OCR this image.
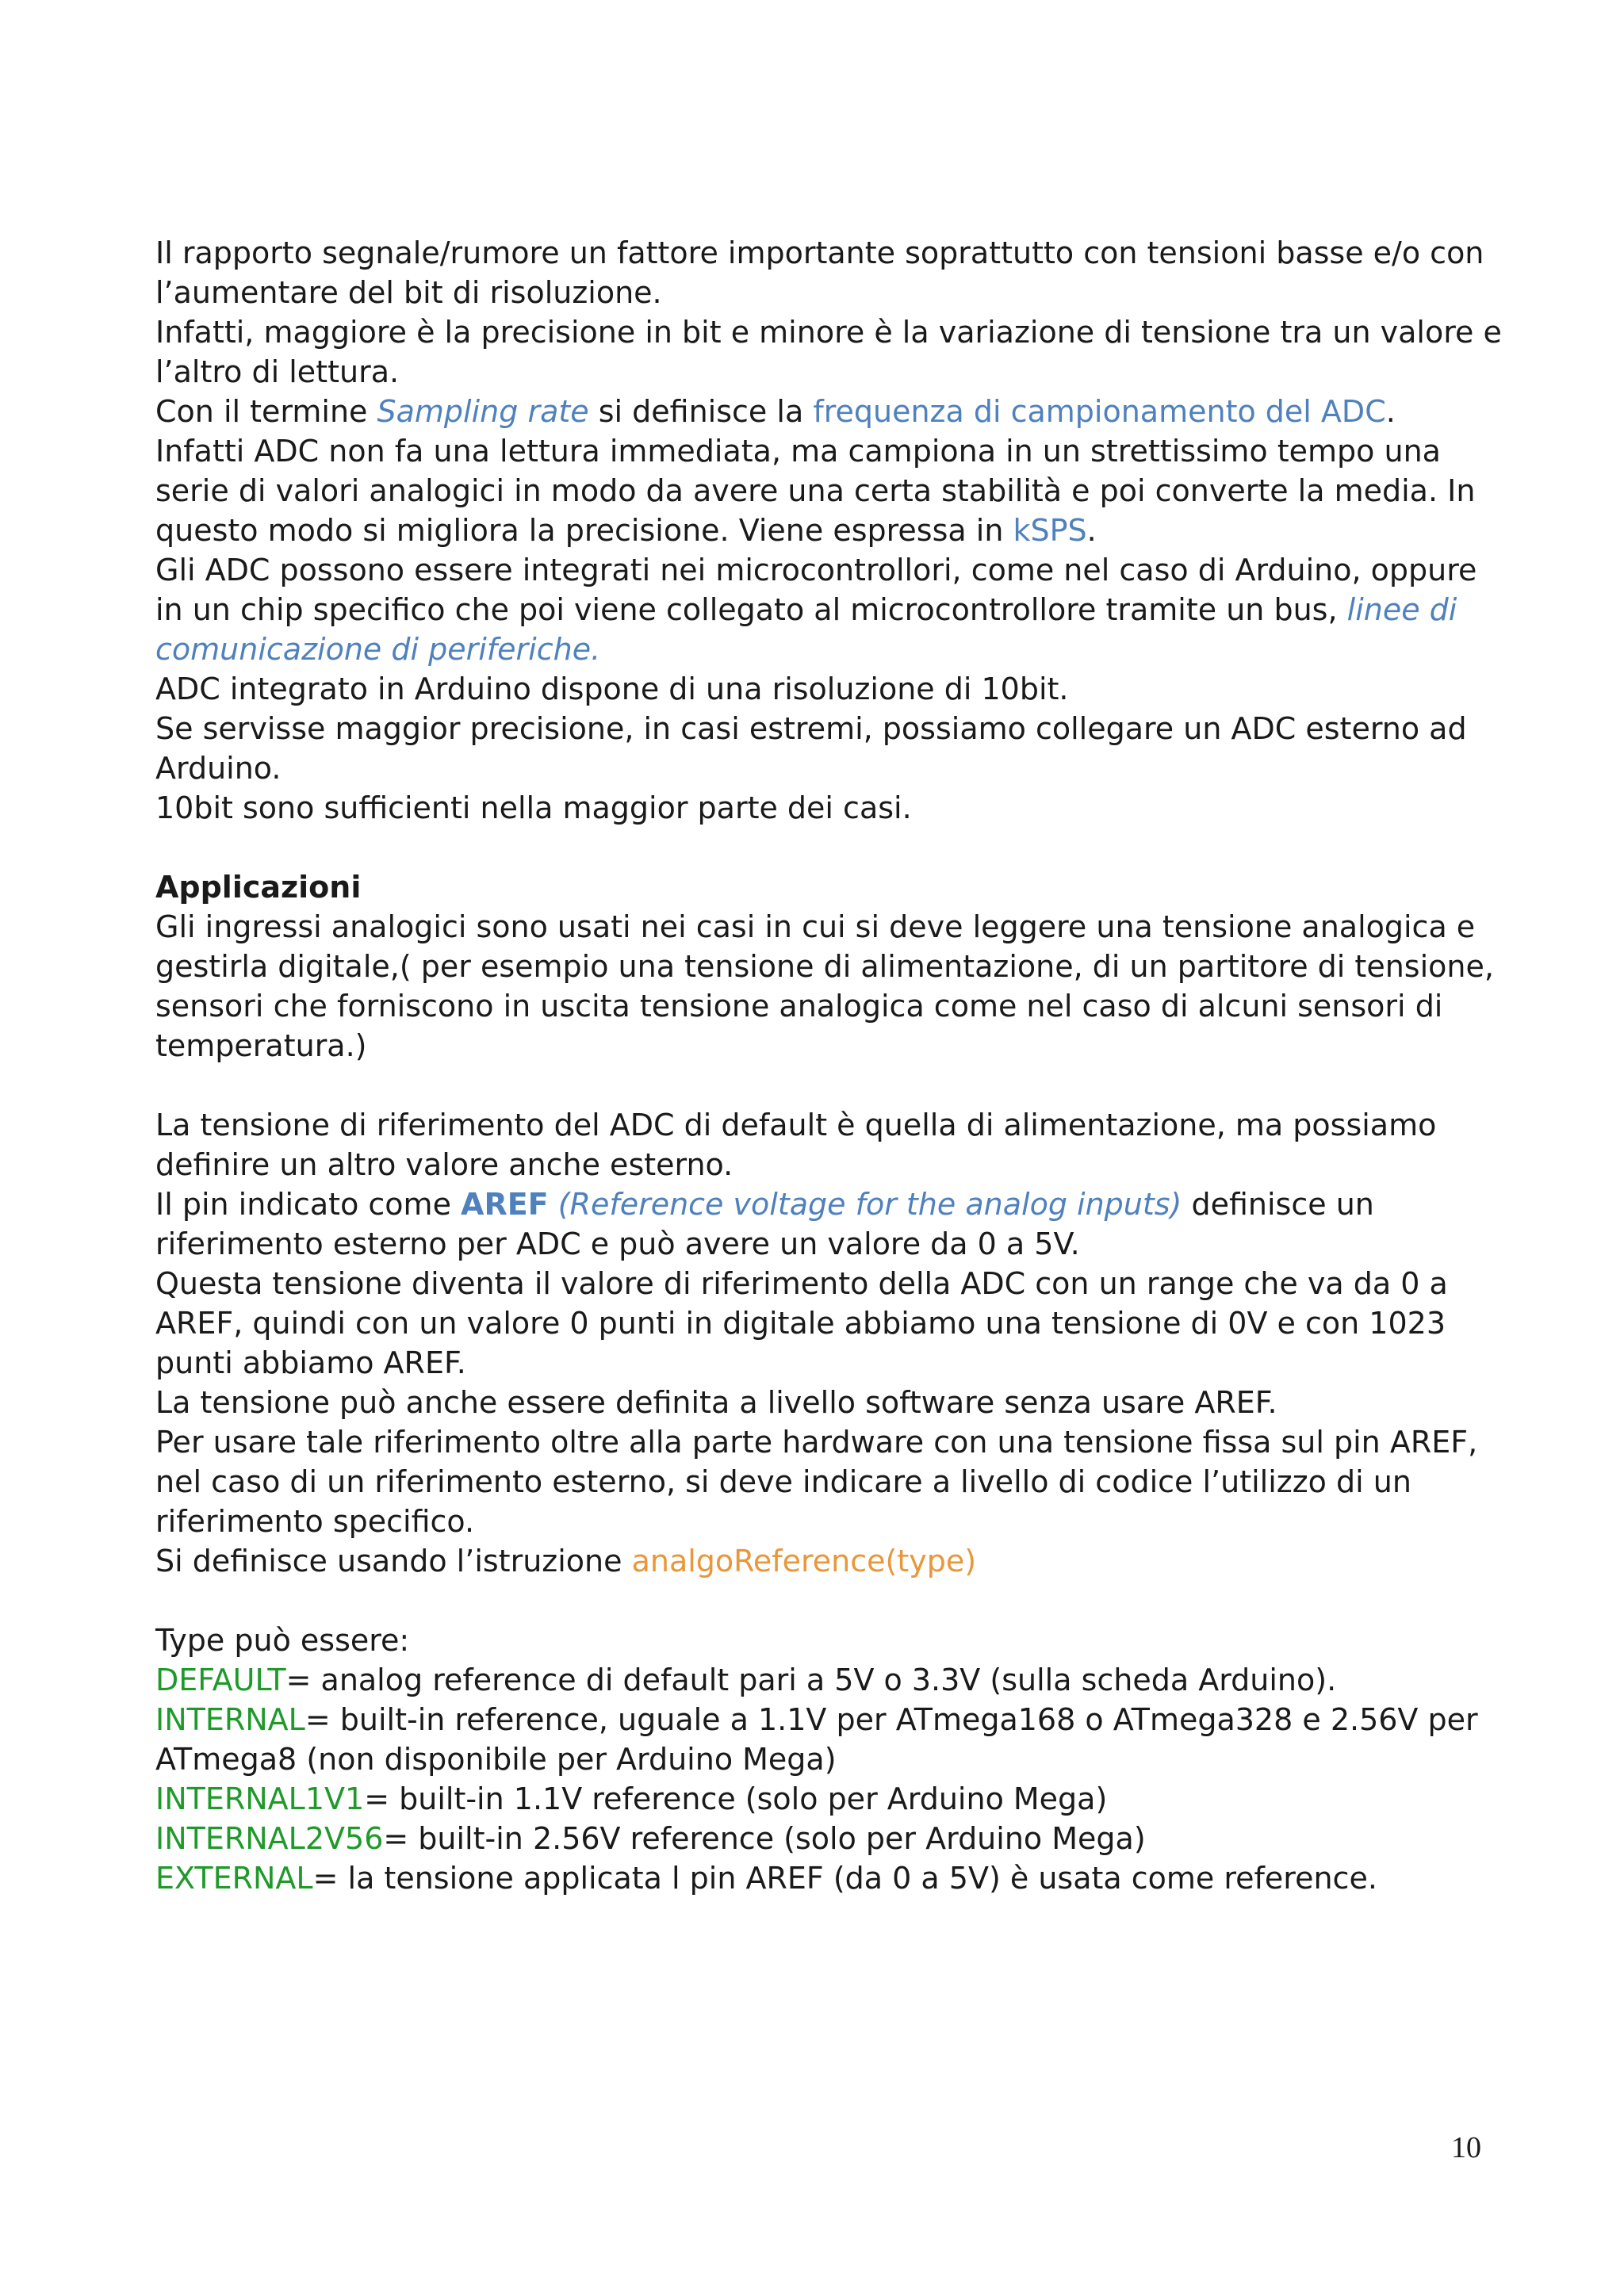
Il rapporto segnale/rumore un fattore importante soprattutto con tensioni basse e/o con l’aumentare del bit di risoluzione.

Infatti, maggiore è la precisione in bit e minore è la variazione di tensione tra un valore e l’altro di lettura.

Con il termine Sampling rate si definisce la frequenza di campionamento del ADC.

Infatti ADC non fa una lettura immediata, ma campiona in un strettissimo tempo una serie di valori analogici in modo da avere una certa stabilità e poi converte la media. In questo modo si migliora la precisione. Viene espressa in kSPS.

Gli ADC possono essere integrati nei microcontrollori, come nel caso di Arduino, oppure in un chip specifico che poi viene collegato al microcontrollore tramite un bus, linee di comunicazione di periferiche.

ADC integrato in Arduino dispone di una risoluzione di 10bit.

Se servisse maggior precisione, in casi estremi, possiamo collegare un ADC esterno ad Arduino.

10bit sono sufficienti nella maggior parte dei casi.

Applicazioni

Gli ingressi analogici sono usati nei casi in cui si deve leggere una tensione analogica e gestirla digitale,( per esempio una tensione di alimentazione, di un partitore di tensione, sensori che forniscono in uscita tensione analogica come nel caso di alcuni sensori di temperatura.)

La tensione di riferimento del ADC di default è quella di alimentazione, ma possiamo definire un altro valore anche esterno.

Il pin indicato come AREF (Reference voltage for the analog inputs) definisce un riferimento esterno per ADC e può avere un valore da 0 a 5V.

Questa tensione diventa il valore di riferimento della ADC con un range che va da 0 a AREF, quindi con un valore 0 punti in digitale abbiamo una tensione di 0V e con 1023 punti abbiamo AREF.

La tensione può anche essere definita a livello software senza usare AREF.

Per usare tale riferimento oltre alla parte hardware con una tensione fissa sul pin AREF, nel caso di un riferimento esterno, si deve indicare a livello di codice l’utilizzo di un riferimento specifico.

Si definisce usando l’istruzione analgoReference(type)

Type può essere:

DEFAULT= analog reference di default pari a 5V o 3.3V (sulla scheda Arduino).

INTERNAL= built-in reference, uguale a 1.1V per ATmega168 o ATmega328 e 2.56V per ATmega8 (non disponibile per Arduino Mega)

INTERNAL1V1= built-in 1.1V reference (solo per Arduino Mega)

INTERNAL2V56= built-in 2.56V reference (solo per Arduino Mega)

EXTERNAL= la tensione applicata l pin AREF (da 0 a 5V) è usata come reference.

10
